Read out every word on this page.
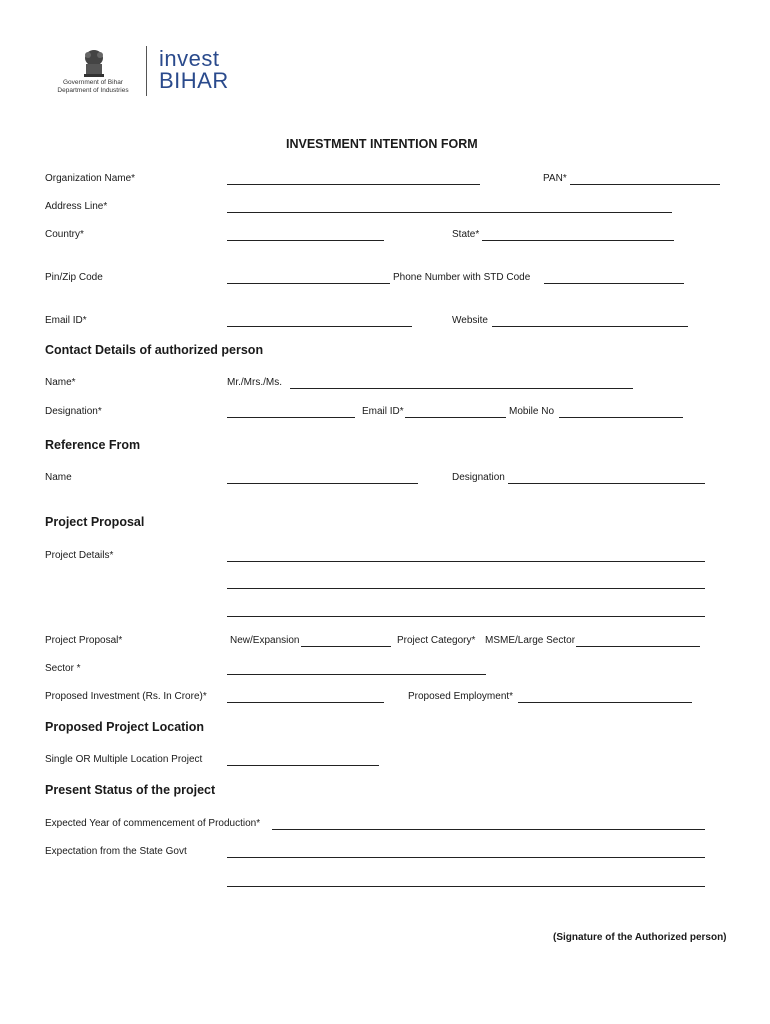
Government of Bihar
Department of Industries
invest
BIHAR
INVESTMENT INTENTION FORM
Organization Name*	PAN*
Address Line*
Country*	State*
Pin/Zip Code	Phone Number with STD Code
Email ID*	Website
Contact Details of authorized person
Name*	Mr./Mrs./Ms.
Designation*	Email ID*	Mobile No
Reference From
Name	Designation
Project Proposal
Project Details*
Project Proposal*	New/Expansion	Project Category* MSME/Large Sector
Sector *
Proposed Investment (Rs. In Crore)*	Proposed Employment*
Proposed Project Location
Single OR Multiple Location Project
Present Status of the project
Expected Year of commencement of Production*
Expectation from the State Govt
(Signature of the Authorized person)
